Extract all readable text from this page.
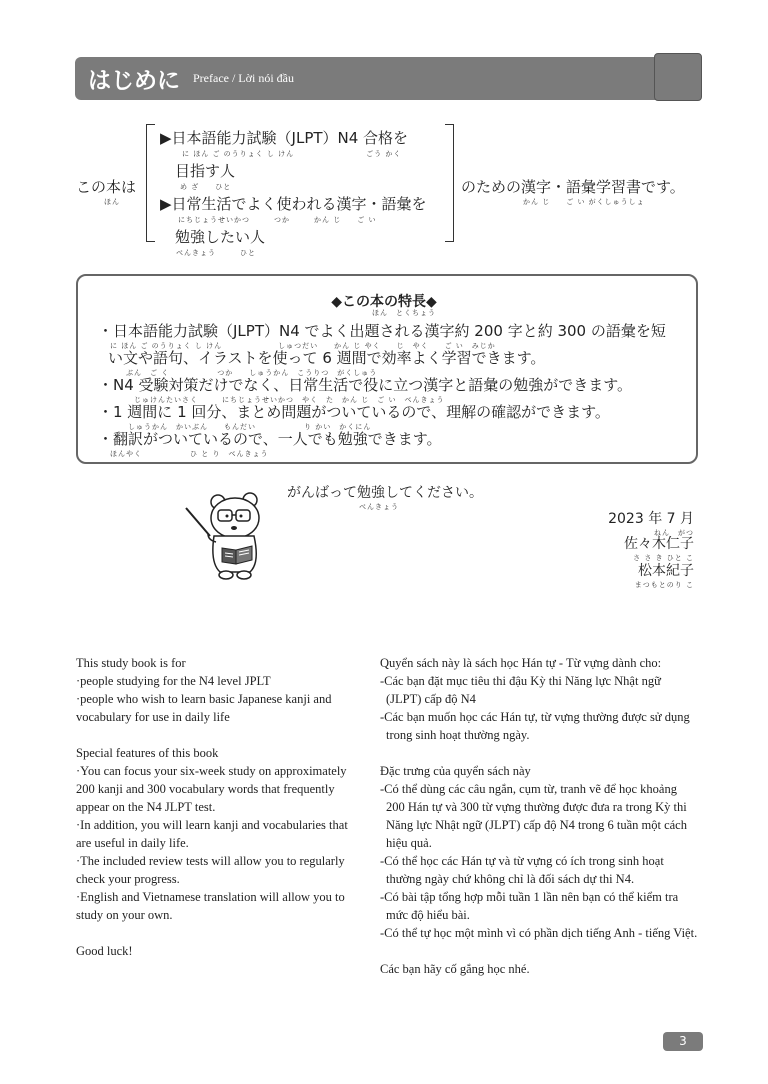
はじめに Preface / Lời nói đầu
この本は
ほん
▶日本語能力試験（JLPT）N4 合格を
に ほん ご のうりょく し けん　　　　　　　　　ごう かく
目指す人
め ざ　　ひと
▶日常生活でよく使われる漢字・語彙を
にちじょうせいかつ　　　つか　　　かん じ　　ご い
勉強したい人
べんきょう　　　ひと
のための漢字・語彙学習書です。
かん じ　　ご い がくしゅうしょ
◆この本の特長◆
ほん　とくちょう
・日本語能力試験（JLPT）N4 でよく出題される漢字約 200 字と約 300 の語彙を短
に ほん ご のうりょく し けん　　　　　　　しゅつだい　　かん じ やく　　じ　やく　　ご い　みじか
い文や語句、イラストを使って 6 週間で効率よく学習できます。
ぶん　ご く　　　　　　つか　　しゅうかん　こうりつ　がくしゅう
・N4 受験対策だけでなく、日常生活で役に立つ漢字と語彙の勉強ができます。
じゅけんたいさく　　　にちじょうせいかつ　やく　た　かん じ　ご い　べんきょう
・1 週間に 1 回分、まとめ問題がついているので、理解の確認ができます。
しゅうかん　かいぶん　　もんだい　　　　　　り かい　かくにん
・翻訳がついているので、一人でも勉強できます。
ほんやく　　　　　　ひ と り　べんきょう
がんばって勉強してください。
べんきょう
2023 年 7 月
ねん　がつ
佐々木仁子
さ さ き ひと こ
松本紀子
まつもとのり こ

This study book is for

·people studying for the N4 level JPLT

·people who wish to learn basic Japanese kanji and

vocabulary for use in daily life

Special features of this book

·You can focus your six-week study on approximately

200 kanji and 300 vocabulary words that frequently

appear on the N4 JLPT test.

·In addition, you will learn kanji and vocabularies that

are useful in daily life.

·The included review tests will allow you to regularly

check your progress.

·English and Vietnamese translation will allow you to

study on your own.

Good luck!

Quyển sách này là sách học Hán tự - Từ vựng dành cho:

-Các bạn đặt mục tiêu thi đậu Kỳ thi Năng lực Nhật ngữ

(JLPT) cấp độ N4

-Các bạn muốn học các Hán tự, từ vựng thường được sử dụng

trong sinh hoạt thường ngày.

Đặc trưng của quyển sách này

-Có thể dùng các câu ngắn, cụm từ, tranh vẽ để học khoảng

200 Hán tự và 300 từ vựng thường được đưa ra trong Kỳ thi

Năng lực Nhật ngữ (JLPT) cấp độ N4 trong 6 tuần một cách

hiệu quả.

-Có thể học các Hán tự và từ vựng có ích trong sinh hoạt

thường ngày chứ không chỉ là đối sách dự thi N4.

-Có bài tập tổng hợp mỗi tuần 1 lần nên bạn có thể kiểm tra

mức độ hiểu bài.

-Có thể tự học một mình vì có phần dịch tiếng Anh - tiếng Việt.

Các bạn hãy cố gắng học nhé.

3
